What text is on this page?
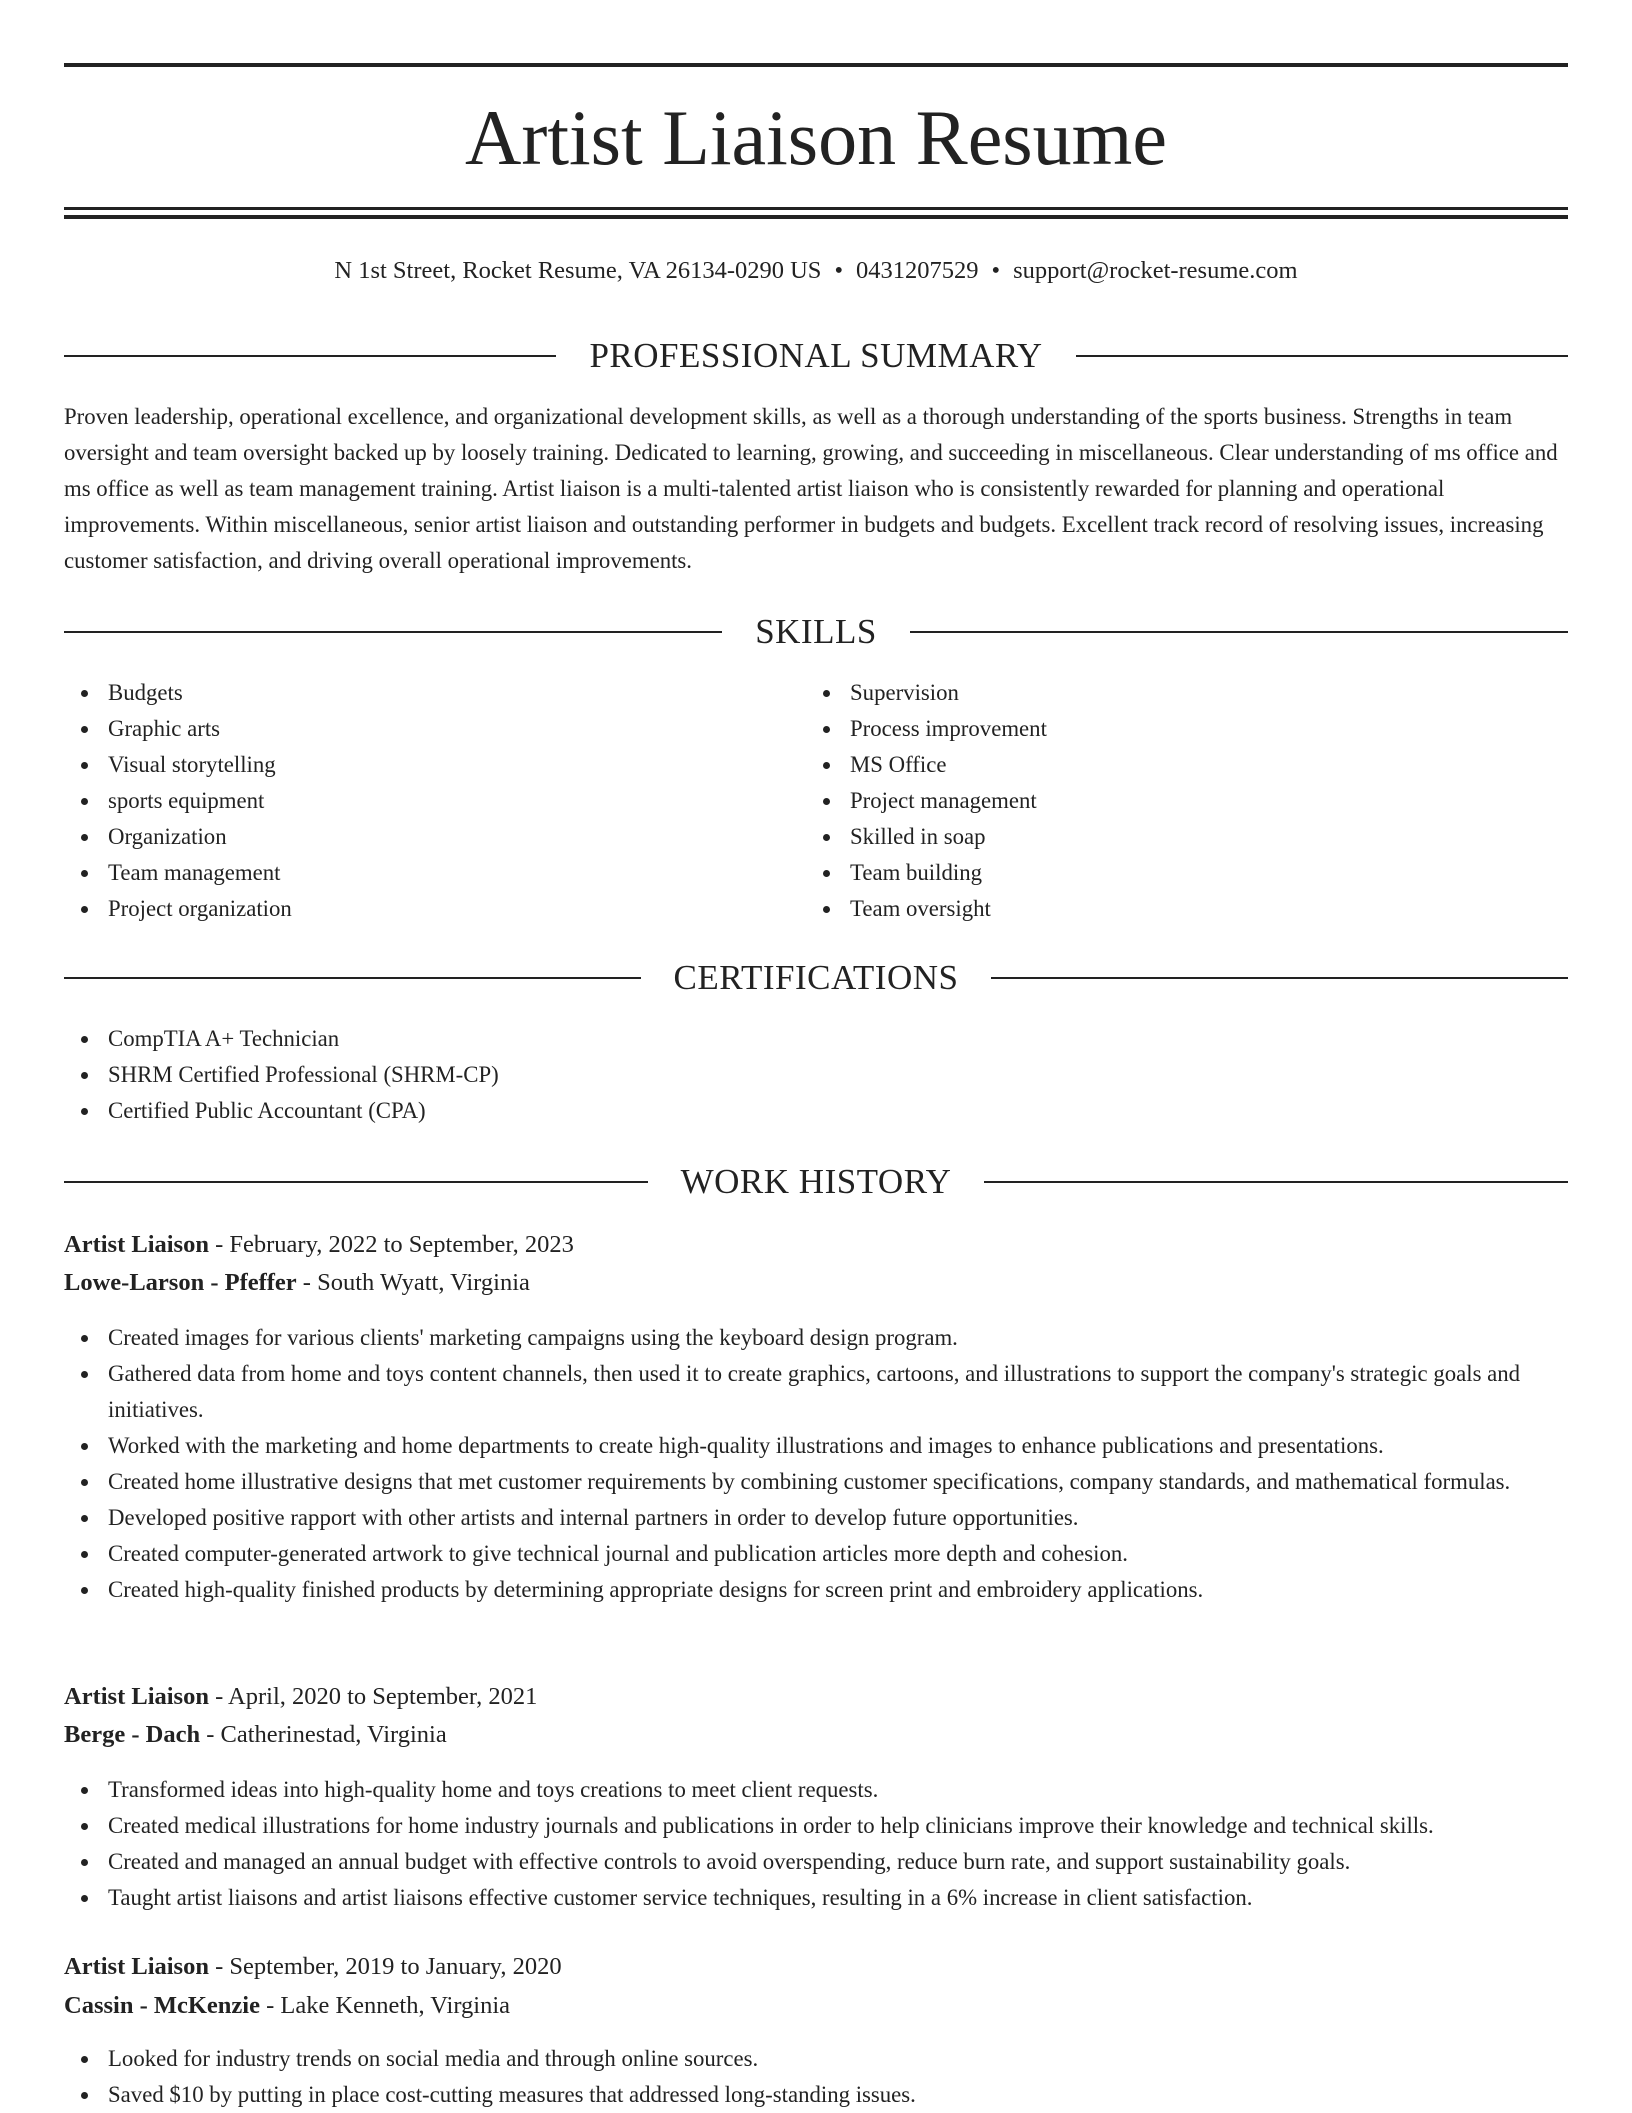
Artist Liaison Resume
N 1st Street, Rocket Resume, VA 26134-0290 US • 0431207529 • support@rocket-resume.com
PROFESSIONAL SUMMARY

Proven leadership, operational excellence, and organizational development skills, as well as a thorough understanding of the sports business. Strengths in team oversight and team oversight backed up by loosely training. Dedicated to learning, growing, and succeeding in miscellaneous. Clear understanding of ms office and ms office as well as team management training. Artist liaison is a multi-talented artist liaison who is consistently rewarded for planning and operational improvements. Within miscellaneous, senior artist liaison and outstanding performer in budgets and budgets. Excellent track record of resolving issues, increasing customer satisfaction, and driving overall operational improvements.

SKILLS
Budgets
Graphic arts
Visual storytelling
sports equipment
Organization
Team management
Project organization
Supervision
Process improvement
MS Office
Project management
Skilled in soap
Team building
Team oversight
CERTIFICATIONS
CompTIA A+ Technician
SHRM Certified Professional (SHRM-CP)
Certified Public Accountant (CPA)
WORK HISTORY
Artist Liaison - February, 2022 to September, 2023
Lowe-Larson - Pfeffer - South Wyatt, Virginia
Created images for various clients' marketing campaigns using the keyboard design program.
Gathered data from home and toys content channels, then used it to create graphics, cartoons, and illustrations to support the company's strategic goals and initiatives.
Worked with the marketing and home departments to create high-quality illustrations and images to enhance publications and presentations.
Created home illustrative designs that met customer requirements by combining customer specifications, company standards, and mathematical formulas.
Developed positive rapport with other artists and internal partners in order to develop future opportunities.
Created computer-generated artwork to give technical journal and publication articles more depth and cohesion.
Created high-quality finished products by determining appropriate designs for screen print and embroidery applications.
Artist Liaison - April, 2020 to September, 2021
Berge - Dach - Catherinestad, Virginia
Transformed ideas into high-quality home and toys creations to meet client requests.
Created medical illustrations for home industry journals and publications in order to help clinicians improve their knowledge and technical skills.
Created and managed an annual budget with effective controls to avoid overspending, reduce burn rate, and support sustainability goals.
Taught artist liaisons and artist liaisons effective customer service techniques, resulting in a 6% increase in client satisfaction.
Artist Liaison - September, 2019 to January, 2020
Cassin - McKenzie - Lake Kenneth, Virginia
Looked for industry trends on social media and through online sources.
Saved $10 by putting in place cost-cutting measures that addressed long-standing issues.
